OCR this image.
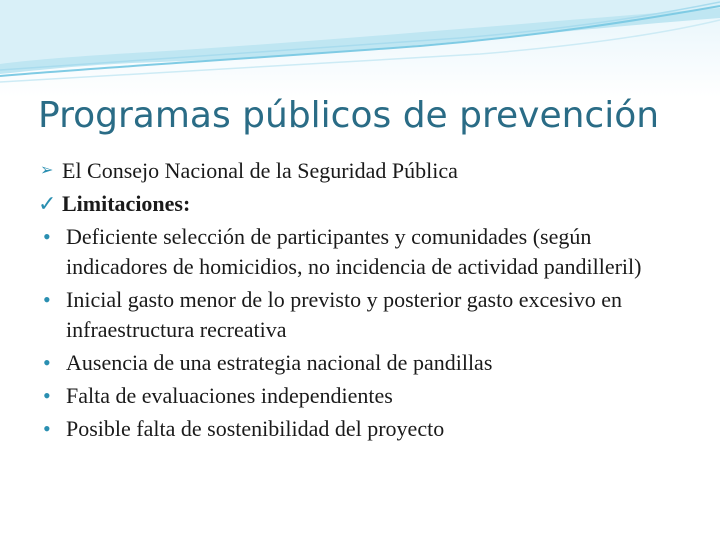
Programas públicos de prevención
➢ El Consejo Nacional de la Seguridad Pública
✓ Limitaciones:
• Deficiente selección de participantes y comunidades (según indicadores de homicidios, no incidencia de actividad pandilleril)
• Inicial gasto menor de lo previsto y posterior gasto excesivo en infraestructura recreativa
• Ausencia de una estrategia nacional de pandillas
• Falta de evaluaciones independientes
• Posible falta de sostenibilidad del proyecto
